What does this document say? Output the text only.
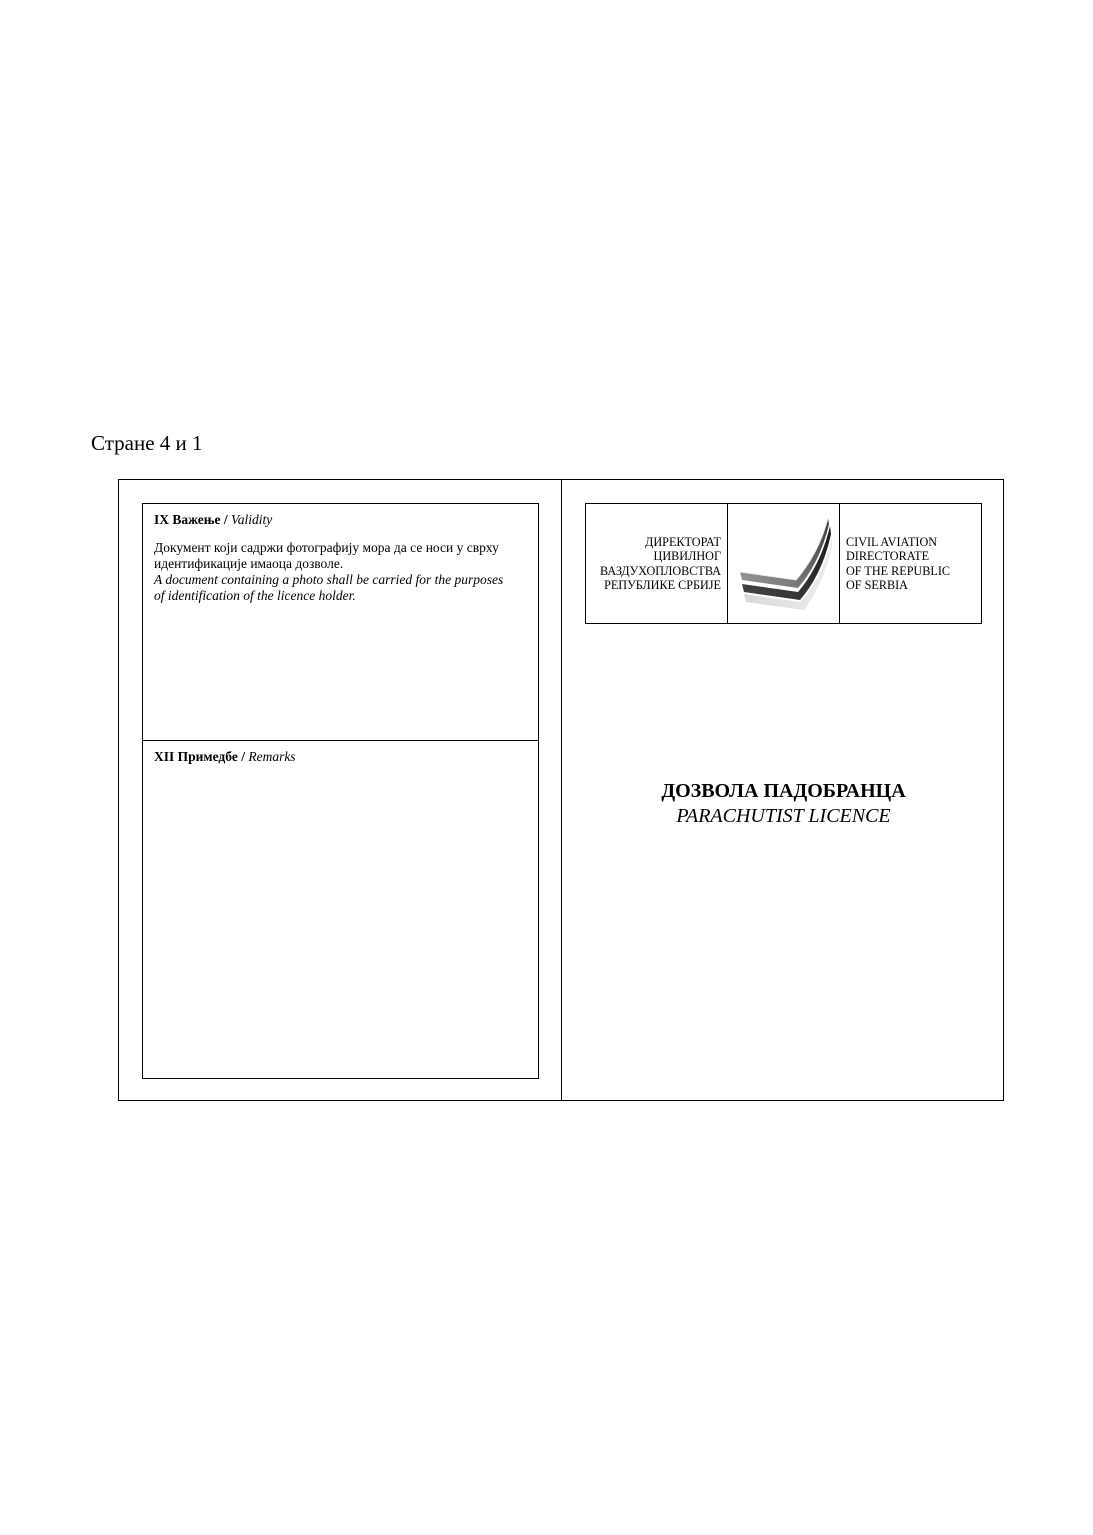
Стране 4 и 1
IX Важење / Validity
Документ који садржи фотографију мора да се носи у сврху
идентификације имаоца дозволе.
A document containing a photo shall be carried for the purposes
of identification of the licence holder.
XII Примедбе / Remarks
ДИРЕКТОРАТ
ЦИВИЛНОГ
ВАЗДУХОПЛОВСТВА
РЕПУБЛИКЕ СРБИЈЕ
CIVIL AVIATION
DIRECTORATE
OF THE REPUBLIC
OF SERBIA
ДОЗВОЛА ПАДОБРАНЦА
PARACHUTIST LICENCE
